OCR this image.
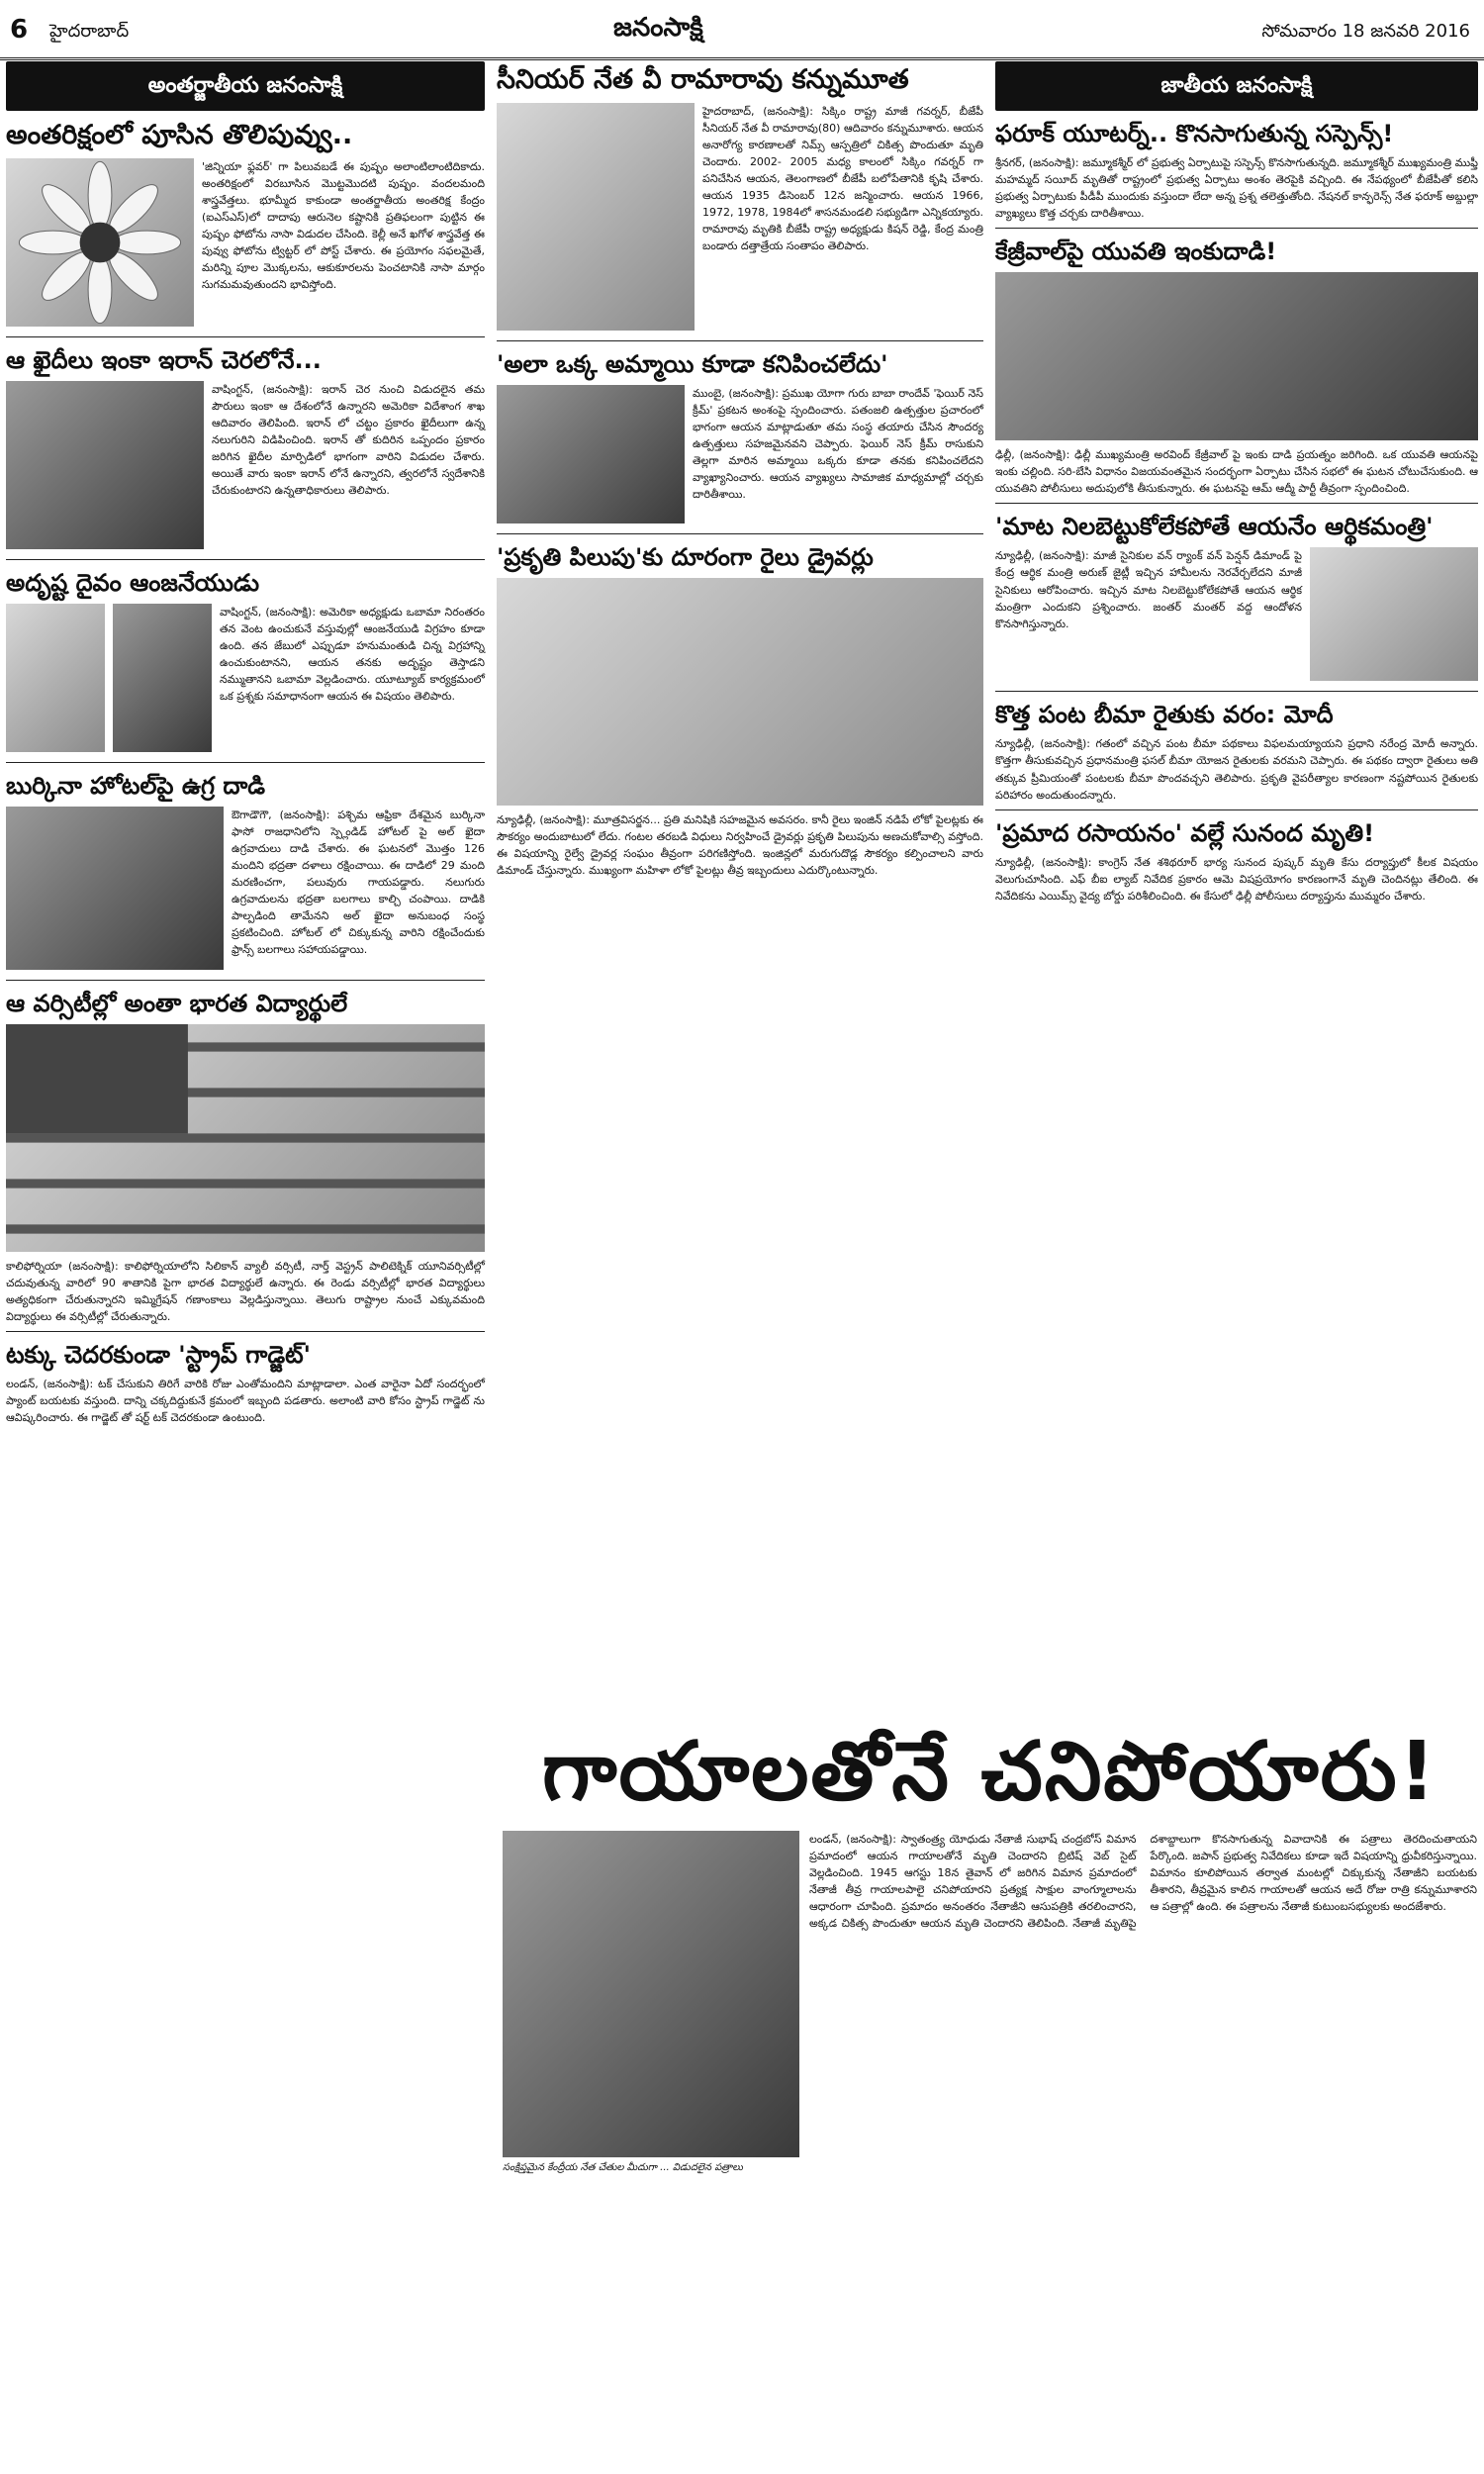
6 హైదరాబాద్	జనంసాక్షి	సోమవారం 18 జనవరి 2016
అంతర్జాతీయ జనంసాక్షి
అంతరిక్షంలో పూసిన తొలిపువ్వు..
'జిన్నియా ఫ్లవర్' గా పిలువబడే ఈ పుష్పం అలాంటిలాంటిదికాదు. అంతరిక్షంలో విరబూసిన మొట్టమొదటి పుష్పం. వందలమంది శాస్త్రవేత్తలు. భూమ్మీద కాకుండా అంతర్జాతీయ అంతరిక్ష కేంద్రం (ఐఎస్ఎస్)లో దాదాపు ఆరునెల కష్టానికి ప్రతిఫలంగా పుట్టిన ఈ పుష్పం ఫోటోను నాసా విడుదల చేసింది. కెల్లీ అనే ఖగోళ శాస్త్రవేత్త ఈ పువ్వు ఫోటోను ట్విట్టర్ లో పోస్ట్ చేశారు. ఈ ప్రయోగం సఫలమైతే, మరిన్ని పూల మొక్కలను, ఆకుకూరలను పెంచటానికి నాసా మార్గం సుగమమవుతుందని భావిస్తోంది.
ఆ ఖైదీలు ఇంకా ఇరాన్ చెరలోనే...
వాషింగ్టన్, (జనంసాక్షి): ఇరాన్ చెర నుంచి విడుదలైన తమ పౌరులు ఇంకా ఆ దేశంలోనే ఉన్నారని అమెరికా విదేశాంగ శాఖ ఆదివారం తెలిపింది. ఇరాన్ లో చట్టం ప్రకారం ఖైదీలుగా ఉన్న నలుగురిని విడిపించింది. ఇరాన్ తో కుదిరిన ఒప్పందం ప్రకారం జరిగిన ఖైదీల మార్పిడిలో భాగంగా వారిని విడుదల చేశారు. అయితే వారు ఇంకా ఇరాన్ లోనే ఉన్నారని, త్వరలోనే స్వదేశానికి చేరుకుంటారని ఉన్నతాధికారులు తెలిపారు.
అదృష్ట దైవం ఆంజనేయుడు
వాషింగ్టన్, (జనంసాక్షి): అమెరికా అధ్యక్షుడు ఒబామా నిరంతరం తన వెంట ఉంచుకునే వస్తువుల్లో ఆంజనేయుడి విగ్రహం కూడా ఉంది. తన జేబులో ఎప్పుడూ హనుమంతుడి చిన్న విగ్రహాన్ని ఉంచుకుంటానని, ఆయన తనకు అదృష్టం తెస్తాడని నమ్ముతానని ఒబామా వెల్లడించారు. యూట్యూబ్ కార్యక్రమంలో ఒక ప్రశ్నకు సమాధానంగా ఆయన ఈ విషయం తెలిపారు.
బుర్కినా హోటల్‌పై ఉగ్ర దాడి
ఔగాడౌగౌ, (జనంసాక్షి): పశ్చిమ ఆఫ్రికా దేశమైన బుర్కినా ఫాసో రాజధానిలోని స్ప్లెండిడ్ హోటల్ పై అల్ ఖైదా ఉగ్రవాదులు దాడి చేశారు. ఈ ఘటనలో మొత్తం 126 మందిని భద్రతా దళాలు రక్షించాయి. ఈ దాడిలో 29 మంది మరణించగా, పలువురు గాయపడ్డారు. నలుగురు ఉగ్రవాదులను భద్రతా బలగాలు కాల్చి చంపాయి. దాడికి పాల్పడింది తామేనని అల్ ఖైదా అనుబంధ సంస్థ ప్రకటించింది. హోటల్ లో చిక్కుకున్న వారిని రక్షించేందుకు ఫ్రాన్స్ బలగాలు సహాయపడ్డాయి.
ఆ వర్సిటీల్లో అంతా భారత విద్యార్థులే
కాలిఫోర్నియా (జనంసాక్షి): కాలిఫోర్నియాలోని సిలికాన్ వ్యాలీ వర్సిటీ, నార్త్ వెస్ట్రన్ పాలిటెక్నిక్ యూనివర్సిటీల్లో చదువుతున్న వారిలో 90 శాతానికి పైగా భారత విద్యార్థులే ఉన్నారు. ఈ రెండు వర్సిటీల్లో భారత విద్యార్థులు అత్యధికంగా చేరుతున్నారని ఇమ్మిగ్రేషన్ గణాంకాలు వెల్లడిస్తున్నాయి. తెలుగు రాష్ట్రాల నుంచే ఎక్కువమంది విద్యార్థులు ఈ వర్సిటీల్లో చేరుతున్నారు.
టక్కు చెదరకుండా 'స్ట్రాప్ గాడ్జెట్'
లండన్, (జనంసాక్షి): టక్ చేసుకుని తిరిగే వారికి రోజు ఎంతోమందిని మాట్లాడాలా. ఎంత వారైనా ఏదో సందర్భంలో ప్యాంట్ బయటకు వస్తుంది. దాన్ని చక్కదిద్దుకునే క్రమంలో ఇబ్బంది పడతారు. అలాంటి వారి కోసం స్ట్రాప్ గాడ్జెట్ ను ఆవిష్కరించారు. ఈ గాడ్జెట్ తో షర్ట్ టక్ చెదరకుండా ఉంటుంది.
సీనియర్ నేత వీ రామారావు కన్నుమూత
హైదరాబాద్, (జనంసాక్షి): సిక్కిం రాష్ట్ర మాజీ గవర్నర్, బీజేపీ సీనియర్ నేత వీ రామారావు(80) ఆదివారం కన్నుమూశారు. ఆయన అనారోగ్య కారణాలతో నిమ్స్ ఆస్పత్రిలో చికిత్స పొందుతూ మృతి చెందారు. 2002- 2005 మధ్య కాలంలో సిక్కిం గవర్నర్ గా పనిచేసిన ఆయన, తెలంగాణలో బీజేపీ బలోపేతానికి కృషి చేశారు. ఆయన 1935 డిసెంబర్ 12న జన్మించారు. ఆయన 1966, 1972, 1978, 1984లో శాసనమండలి సభ్యుడిగా ఎన్నికయ్యారు. రామారావు మృతికి బీజేపీ రాష్ట్ర అధ్యక్షుడు కిషన్ రెడ్డి, కేంద్ర మంత్రి బండారు దత్తాత్రేయ సంతాపం తెలిపారు.
'అలా ఒక్క అమ్మాయి కూడా కనిపించలేదు'
ముంబై, (జనంసాక్షి): ప్రముఖ యోగా గురు బాబా రాందేవ్ 'ఫెయిర్ నెస్ క్రీమ్' ప్రకటన అంశంపై స్పందించారు. పతంజలి ఉత్పత్తుల ప్రచారంలో భాగంగా ఆయన మాట్లాడుతూ తమ సంస్థ తయారు చేసిన సౌందర్య ఉత్పత్తులు సహజమైనవని చెప్పారు. ఫెయిర్ నెస్ క్రీమ్ రాసుకుని తెల్లగా మారిన అమ్మాయి ఒక్కరు కూడా తనకు కనిపించలేదని వ్యాఖ్యానించారు. ఆయన వ్యాఖ్యలు సామాజిక మాధ్యమాల్లో చర్చకు దారితీశాయి.
'ప్రకృతి పిలుపు'కు దూరంగా రైలు డ్రైవర్లు
న్యూఢిల్లీ, (జనంసాక్షి): మూత్రవిసర్జన... ప్రతి మనిషికి సహజమైన అవసరం. కానీ రైలు ఇంజిన్ నడిపే లోకో పైలట్లకు ఈ సౌకర్యం అందుబాటులో లేదు. గంటల తరబడి విధులు నిర్వహించే డ్రైవర్లు ప్రకృతి పిలుపును అణచుకోవాల్సి వస్తోంది. ఈ విషయాన్ని రైల్వే డ్రైవర్ల సంఘం తీవ్రంగా పరిగణిస్తోంది. ఇంజిన్లలో మరుగుదొడ్ల సౌకర్యం కల్పించాలని వారు డిమాండ్ చేస్తున్నారు. ముఖ్యంగా మహిళా లోకో పైలట్లు తీవ్ర ఇబ్బందులు ఎదుర్కొంటున్నారు.
జాతీయ జనంసాక్షి
ఫరూక్ యూటర్న్.. కొనసాగుతున్న సస్పెన్స్!
శ్రీనగర్, (జనంసాక్షి): జమ్మూకశ్మీర్ లో ప్రభుత్వ ఏర్పాటుపై సస్పెన్స్ కొనసాగుతున్నది. జమ్మూకశ్మీర్ ముఖ్యమంత్రి ముఫ్తీ మహమ్మద్ సయీద్ మృతితో రాష్ట్రంలో ప్రభుత్వ ఏర్పాటు అంశం తెరపైకి వచ్చింది. ఈ నేపథ్యంలో బీజేపీతో కలిసి ప్రభుత్వ ఏర్పాటుకు పీడీపీ ముందుకు వస్తుందా లేదా అన్న ప్రశ్న తలెత్తుతోంది. నేషనల్ కాన్ఫరెన్స్ నేత ఫరూక్ అబ్దుల్లా వ్యాఖ్యలు కొత్త చర్చకు దారితీశాయి.
కేజ్రీవాల్‌పై యువతి ఇంకుదాడి!
ఢిల్లీ, (జనంసాక్షి): ఢిల్లీ ముఖ్యమంత్రి అరవింద్ కేజ్రీవాల్ పై ఇంకు దాడి ప్రయత్నం జరిగింది. ఒక యువతి ఆయనపై ఇంకు చల్లింది. సరి-బేసి విధానం విజయవంతమైన సందర్భంగా ఏర్పాటు చేసిన సభలో ఈ ఘటన చోటుచేసుకుంది. ఆ యువతిని పోలీసులు అదుపులోకి తీసుకున్నారు. ఈ ఘటనపై ఆమ్ ఆద్మీ పార్టీ తీవ్రంగా స్పందించింది.
'మాట నిలబెట్టుకోలేకపోతే ఆయనేం ఆర్థికమంత్రి'
న్యూఢిల్లీ, (జనంసాక్షి): మాజీ సైనికుల వన్ ర్యాంక్ వన్ పెన్షన్ డిమాండ్ పై కేంద్ర ఆర్థిక మంత్రి అరుణ్ జైట్లీ ఇచ్చిన హామీలను నెరవేర్చలేదని మాజీ సైనికులు ఆరోపించారు. ఇచ్చిన మాట నిలబెట్టుకోలేకపోతే ఆయన ఆర్థిక మంత్రిగా ఎందుకని ప్రశ్నించారు. జంతర్ మంతర్ వద్ద ఆందోళన కొనసాగిస్తున్నారు.
కొత్త పంట బీమా రైతుకు వరం: మోదీ
న్యూఢిల్లీ, (జనంసాక్షి): గతంలో వచ్చిన పంట బీమా పథకాలు విఫలమయ్యాయని ప్రధాని నరేంద్ర మోదీ అన్నారు. కొత్తగా తీసుకువచ్చిన ప్రధానమంత్రి ఫసల్ బీమా యోజన రైతులకు వరమని చెప్పారు. ఈ పథకం ద్వారా రైతులు అతి తక్కువ ప్రీమియంతో పంటలకు బీమా పొందవచ్చని తెలిపారు. ప్రకృతి వైపరీత్యాల కారణంగా నష్టపోయిన రైతులకు పరిహారం అందుతుందన్నారు.
'ప్రమాద రసాయనం' వల్లే సునంద మృతి!
న్యూఢిల్లీ, (జనంసాక్షి): కాంగ్రెస్ నేత శశిథరూర్ భార్య సునంద పుష్కర్ మృతి కేసు దర్యాప్తులో కీలక విషయం వెలుగుచూసింది. ఎఫ్ బీఐ ల్యాబ్ నివేదిక ప్రకారం ఆమె విషప్రయోగం కారణంగానే మృతి చెందినట్లు తేలింది. ఈ నివేదికను ఎయిమ్స్ వైద్య బోర్డు పరిశీలించింది. ఈ కేసులో ఢిల్లీ పోలీసులు దర్యాప్తును ముమ్మరం చేశారు.
గాయాలతోనే చనిపోయారు!
సంక్షిప్తమైన కేంద్రీయ నేత చేతుల మీదుగా ... విడుదలైన పత్రాలు
లండన్, (జనంసాక్షి): స్వాతంత్ర్య యోధుడు నేతాజీ సుభాష్ చంద్రబోస్ విమాన ప్రమాదంలో ఆయన గాయాలతోనే మృతి చెందారని బ్రిటిష్ వెబ్ సైట్ వెల్లడించింది. 1945 ఆగస్టు 18న తైవాన్ లో జరిగిన విమాన ప్రమాదంలో నేతాజీ తీవ్ర గాయాలపాలై చనిపోయారని ప్రత్యక్ష సాక్షుల వాంగ్మూలాలను ఆధారంగా చూపింది. ప్రమాదం అనంతరం నేతాజీని ఆసుపత్రికి తరలించారని, అక్కడ చికిత్స పొందుతూ ఆయన మృతి చెందారని తెలిపింది. నేతాజీ మృతిపై దశాబ్దాలుగా కొనసాగుతున్న వివాదానికి ఈ పత్రాలు తెరదించుతాయని పేర్కొంది. జపాన్ ప్రభుత్వ నివేదికలు కూడా ఇదే విషయాన్ని ధ్రువీకరిస్తున్నాయి. విమానం కూలిపోయిన తర్వాత మంటల్లో చిక్కుకున్న నేతాజీని బయటకు తీశారని, తీవ్రమైన కాలిన గాయాలతో ఆయన అదే రోజు రాత్రి కన్నుమూశారని ఆ పత్రాల్లో ఉంది. ఈ పత్రాలను నేతాజీ కుటుంబసభ్యులకు అందజేశారు.
